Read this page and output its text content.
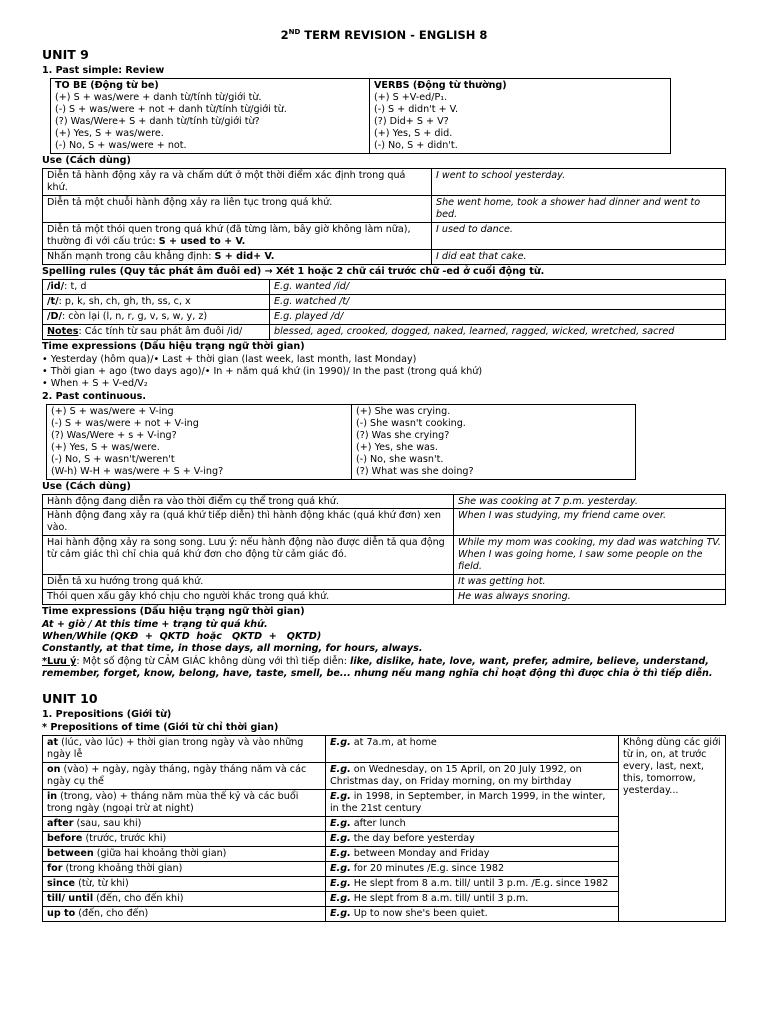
2ND TERM REVISION - ENGLISH 8
UNIT 9
1. Past simple: Review
TO BE (Động từ be)
(+) S + was/were + danh từ/tính từ/giới từ.
(-) S + was/were + not + danh từ/tính từ/giới từ.
(?) Was/Were+ S + danh từ/tính từ/giới từ?
(+) Yes, S + was/were.
(-) No, S + was/were + not.

VERBS (Động từ thường)
(+) S +V-ed/P₁.
(-) S + didn't + V.
(?) Did+ S + V?
(+) Yes, S + did.
(-) No, S + didn't.
Use (Cách dùng)
Diễn tả hành động xảy ra và chấm dứt ở một thời điểm xác định trong quá khứ.	I went to school yesterday.
Diễn tả một chuỗi hành động xảy ra liên tục trong quá khứ.	She went home, took a shower had dinner and went to bed.
Diễn tả một thói quen trong quá khứ (đã từng làm, bây giờ không làm nữa), thường đi với cấu trúc: S + used to + V.	I used to dance.
Nhấn mạnh trong câu khẳng định: S + did+ V.	I did eat that cake.
Spelling rules (Quy tắc phát âm đuôi ed) → Xét 1 hoặc 2 chữ cái trước chữ -ed ở cuối động từ.
/id/: t, d	E.g. wanted /id/
/t/: p, k, sh, ch, gh, th, ss, c, x	E.g. watched /t/
/D/: còn lại (l, n, r, g, v, s, w, y, z)	E.g. played /d/
Notes: Các tính từ sau phát âm đuôi /id/	blessed, aged, crooked, dogged, naked, learned, ragged, wicked, wretched, sacred
Time expressions (Dấu hiệu trạng ngữ thời gian)
• Yesterday (hôm qua)/• Last + thời gian (last week, last month, last Monday)
• Thời gian + ago (two days ago)/• In + năm quá khứ (in 1990)/ In the past (trong quá khứ)
• When + S + V-ed/V₂
2. Past continuous.
(+) S + was/were + V-ing
(-) S + was/were + not + V-ing
(?) Was/Were + s + V-ing?
(+) Yes, S + was/were.
(-) No, S + wasn't/weren't
(W-h) W-H + was/were + S + V-ing?

(+) She was crying.
(-) She wasn't cooking.
(?) Was she crying?
(+) Yes, she was.
(-) No, she wasn't.
(?) What was she doing?
Use (Cách dùng)
Hành động đang diễn ra vào thời điểm cụ thể trong quá khứ.	She was cooking at 7 p.m. yesterday.
Hành động đang xảy ra (quá khứ tiếp diễn) thì hành động khác (quá khứ đơn) xen vào.	When I was studying, my friend came over.
Hai hành động xảy ra song song. Lưu ý: nếu hành động nào được diễn tả qua động từ cảm giác thì chỉ chia quá khứ đơn cho động từ cảm giác đó.	While my mom was cooking, my dad was watching TV.
When I was going home, I saw some people on the field.

Diễn tả xu hướng trong quá khứ.	It was getting hot.
Thói quen xấu gây khó chịu cho người khác trong quá khứ.	He was always snoring.
Time expressions (Dấu hiệu trạng ngữ thời gian)
At + giờ / At this time + trạng từ quá khứ.
When/While (QKĐ  +  QKTD  hoặc   QKTD  +   QKTD)
Constantly, at that time, in those days, all morning, for hours, always.
*Lưu ý: Một số động từ CẢM GIÁC không dùng với thì tiếp diễn: like, dislike, hate, love, want, prefer, admire, believe, understand, remember, forget, know, belong, have, taste, smell, be... nhưng nếu mang nghĩa chỉ hoạt động thì được chia ở thì tiếp diễn.
UNIT 10
1. Prepositions (Giới từ)
* Prepositions of time (Giới từ chỉ thời gian)
at (lúc, vào lúc) + thời gian trong ngày và vào những ngày lễ	E.g. at 7a.m, at home	Không dùng các giới từ in, on, at trước every, last, next, this, tomorrow, yesterday...
on (vào) + ngày, ngày tháng, ngày tháng năm và các ngày cụ thể	E.g. on Wednesday, on 15 April, on 20 July 1992, on Christmas day, on Friday morning, on my birthday	
in (trong, vào) + tháng năm mùa thế kỷ và các buổi trong ngày (ngoại trừ at night)	E.g. in 1998, in September, in March 1999, in the winter, in the 21st century	
after (sau, sau khi)	E.g. after lunch	
before (trước, trước khi)	E.g. the day before yesterday	
between (giữa hai khoảng thời gian)	E.g. between Monday and Friday	
for (trong khoảng thời gian)	E.g. for 20 minutes /E.g. since 1982	
since (từ, từ khi)	E.g. He slept from 8 a.m. till/ until 3 p.m. /E.g. since 1982	
till/ until (đến, cho đến khi)	E.g. He slept from 8 a.m. till/ until 3 p.m.	
up to (đến, cho đến)	E.g. Up to now she's been quiet.	
